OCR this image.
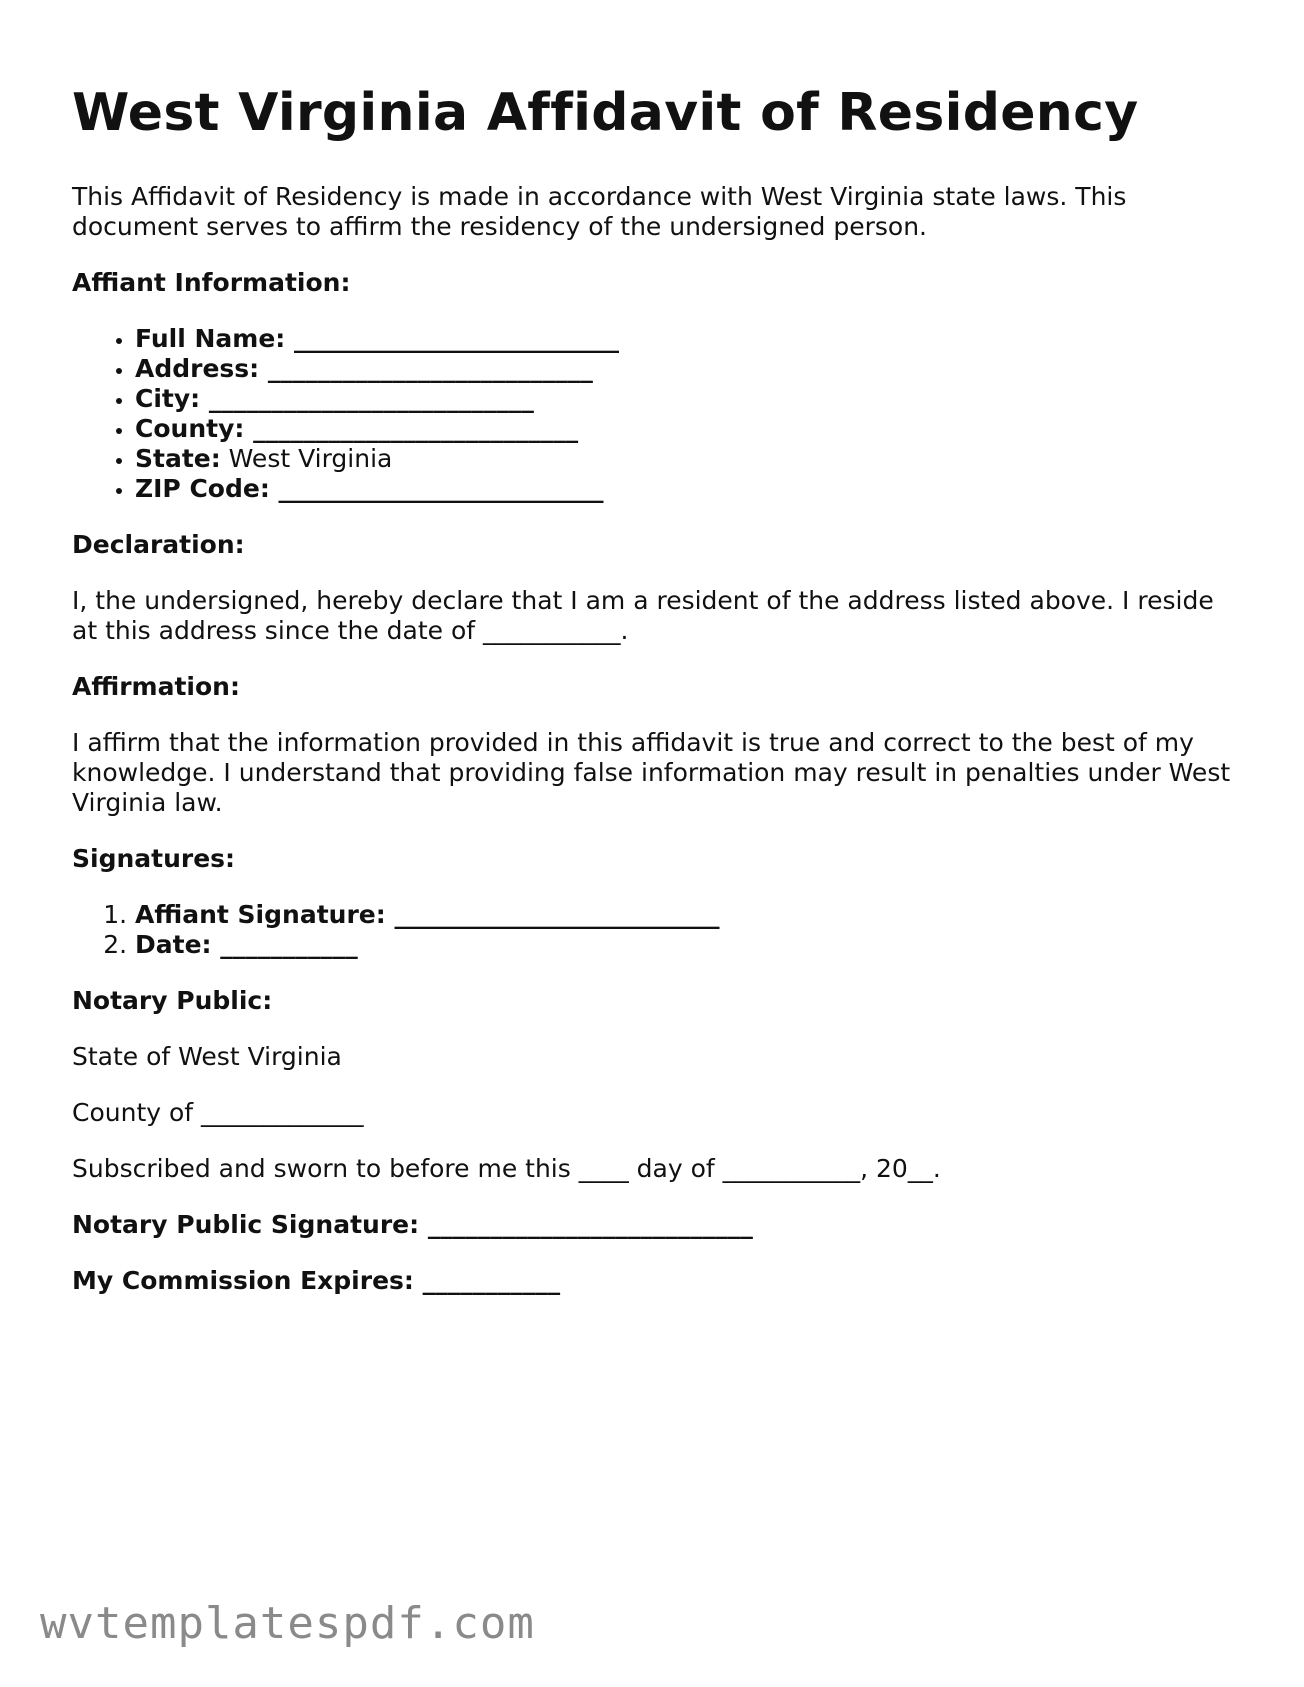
West Virginia Affidavit of Residency

This Affidavit of Residency is made in accordance with West Virginia state laws. This document serves to affirm the residency of the undersigned person.

Affiant Information:
• Full Name: __________________________
• Address: __________________________
• City: __________________________
• County: __________________________
• State: West Virginia
• ZIP Code: __________________________
Declaration:

I, the undersigned, hereby declare that I am a resident of the address listed above. I reside at this address since the date of ___________.

Affirmation:

I affirm that the information provided in this affidavit is true and correct to the best of my knowledge. I understand that providing false information may result in penalties under West Virginia law.

Signatures:
1. Affiant Signature: __________________________
2. Date: ___________
Notary Public:

State of West Virginia

County of _____________

Subscribed and sworn to before me this ____ day of ___________, 20__.

Notary Public Signature: __________________________

My Commission Expires: ___________

wvtemplatespdf.com
